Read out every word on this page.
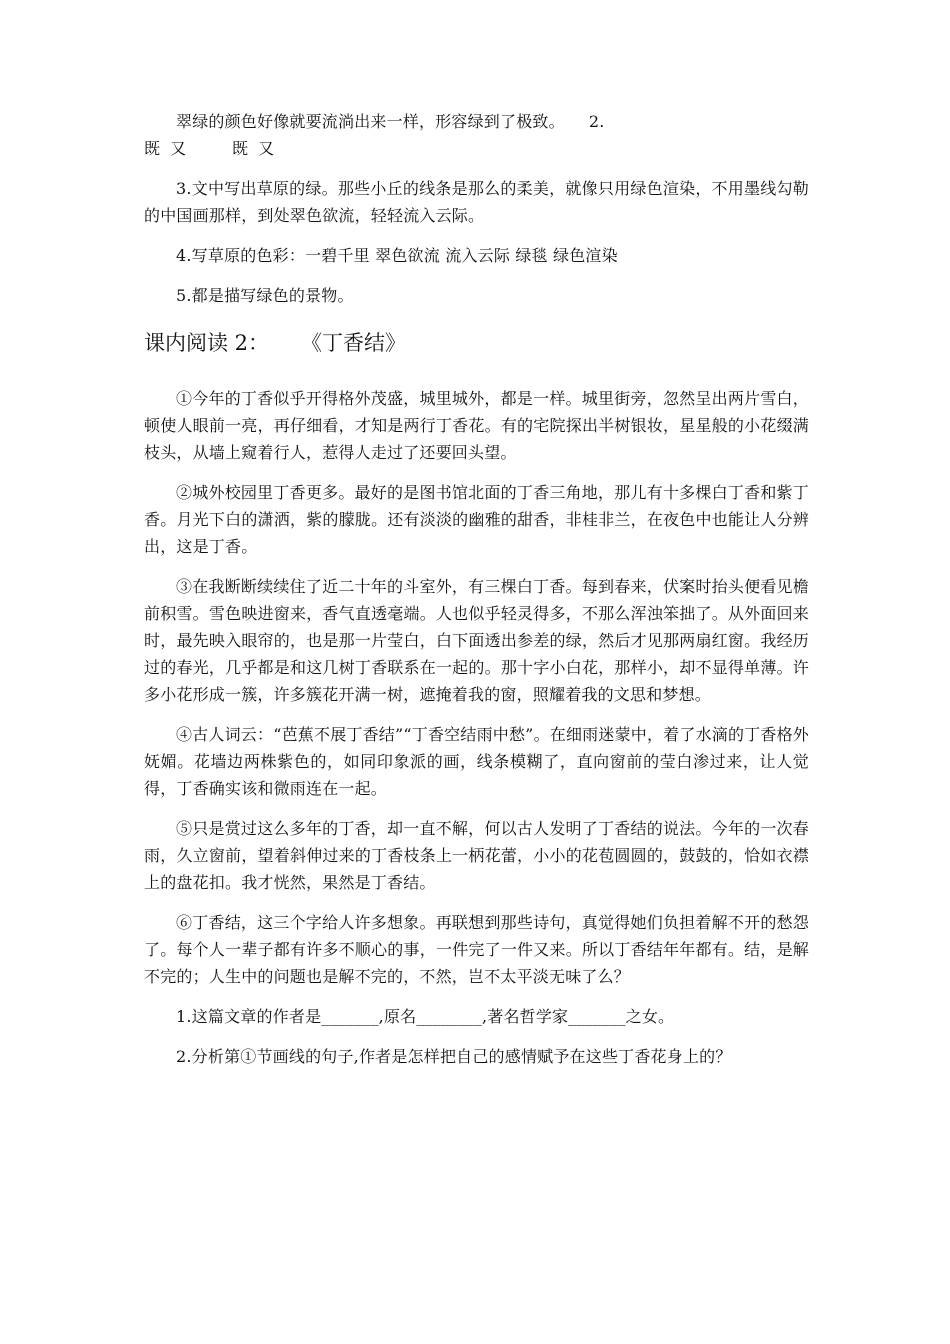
翠绿的颜色好像就要流淌出来一样，形容绿到了极致。 2.

既  又         既  又

3.文中写出草原的绿。那些小丘的线条是那么的柔美，就像只用绿色渲染，不用墨线勾勒的中国画那样，到处翠色欲流，轻轻流入云际。

4.写草原的色彩：一碧千里 翠色欲流 流入云际 绿毯 绿色渲染

5.都是描写绿色的景物。

课内阅读 2： 《丁香结》

①今年的丁香似乎开得格外茂盛，城里城外，都是一样。城里街旁，忽然呈出两片雪白，顿使人眼前一亮，再仔细看，才知是两行丁香花。有的宅院探出半树银妆，星星般的小花缀满枝头，从墙上窥着行人，惹得人走过了还要回头望。

②城外校园里丁香更多。最好的是图书馆北面的丁香三角地，那儿有十多棵白丁香和紫丁香。月光下白的潇洒，紫的朦胧。还有淡淡的幽雅的甜香，非桂非兰，在夜色中也能让人分辨出，这是丁香。

③在我断断续续住了近二十年的斗室外，有三棵白丁香。每到春来，伏案时抬头便看见檐前积雪。雪色映进窗来，香气直透毫端。人也似乎轻灵得多，不那么浑浊笨拙了。从外面回来时，最先映入眼帘的，也是那一片莹白，白下面透出参差的绿，然后才见那两扇红窗。我经历过的春光，几乎都是和这几树丁香联系在一起的。那十字小白花，那样小，却不显得单薄。许多小花形成一簇，许多簇花开满一树，遮掩着我的窗，照耀着我的文思和梦想。

④古人词云：“芭蕉不展丁香结”“丁香空结雨中愁”。在细雨迷蒙中，着了水滴的丁香格外妩媚。花墙边两株紫色的，如同印象派的画，线条模糊了，直向窗前的莹白渗过来，让人觉得，丁香确实该和微雨连在一起。

⑤只是赏过这么多年的丁香，却一直不解，何以古人发明了丁香结的说法。今年的一次春雨，久立窗前，望着斜伸过来的丁香枝条上一柄花蕾，小小的花苞圆圆的，鼓鼓的，恰如衣襟上的盘花扣。我才恍然，果然是丁香结。

⑥丁香结，这三个字给人许多想象。再联想到那些诗句，真觉得她们负担着解不开的愁怨了。每个人一辈子都有许多不顺心的事，一件完了一件又来。所以丁香结年年都有。结，是解不完的；人生中的问题也是解不完的，不然，岂不太平淡无味了么？

1.这篇文章的作者是_______,原名________,著名哲学家_______之女。

2.分析第①节画线的句子,作者是怎样把自己的感情赋予在这些丁香花身上的？
